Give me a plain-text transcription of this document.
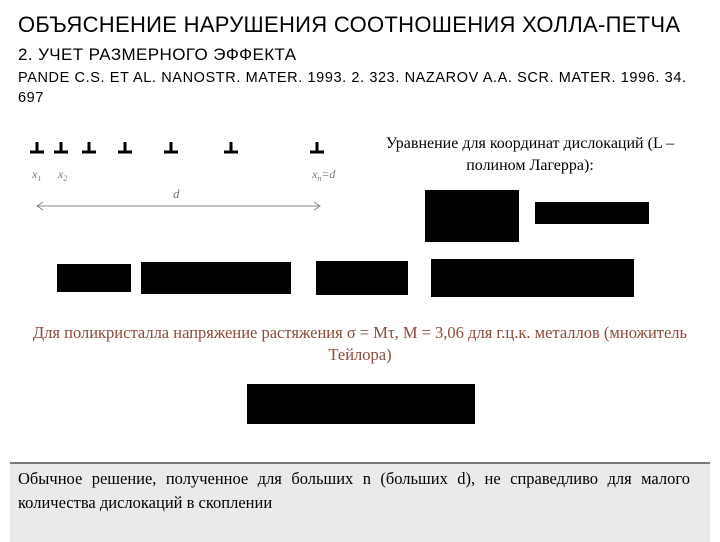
ОБЪЯСНЕНИЕ НАРУШЕНИЯ СООТНОШЕНИЯ ХОЛЛА-ПЕТЧА
2. УЧЕТ РАЗМЕРНОГО ЭФФЕКТА
PANDE C.S. ET AL. NANOSTR. MATER. 1993. 2. 323. NAZAROV A.A. SCR. MATER. 1996. 34. 697
$x_1$ $x_2$	$x_n=d$
d
Уравнение для координат дислокаций (L – полином Лагерра):
Для поликристалла напряжение растяжения σ = Mτ, M = 3,06 для г.ц.к. металлов (множитель Тейлора)
Обычное решение, полученное для больших n (больших d), не справедливо для малого количества дислокаций в скоплении
